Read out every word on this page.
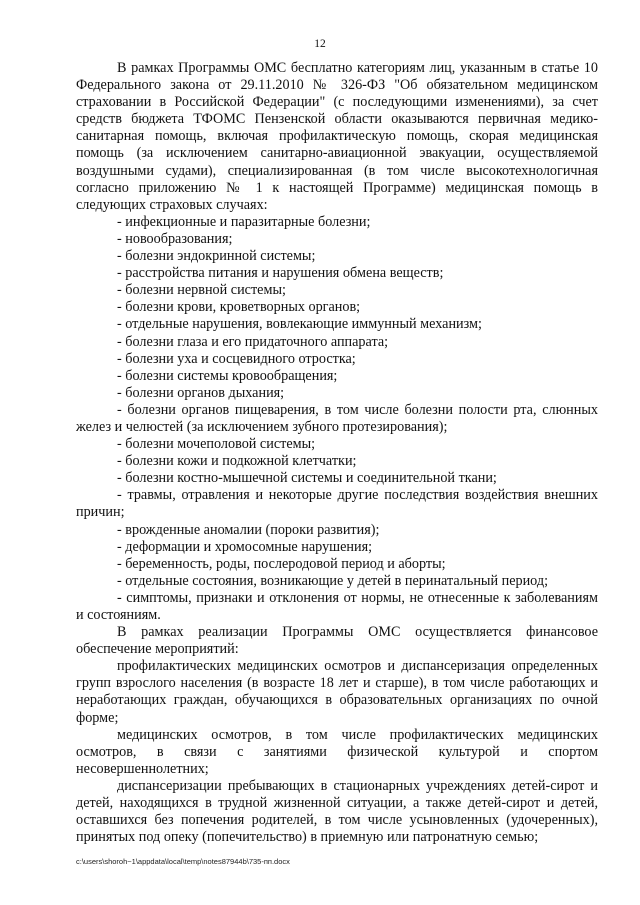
12

В рамках Программы ОМС бесплатно категориям лиц, указанным в статье 10 Федерального закона от 29.11.2010 № 326-ФЗ "Об обязательном медицинском страховании в Российской Федерации" (с последующими изменениями), за счет средств бюджета ТФОМС Пензенской области оказываются первичная медико-санитарная помощь, включая профилактическую помощь, скорая медицинская помощь (за исключением санитарно-авиационной эвакуации, осуществляемой воздушными судами), специализированная (в том числе высокотехнологичная согласно приложению № 1 к настоящей Программе) медицинская помощь в следующих страховых случаях:

- инфекционные и паразитарные болезни;

- новообразования;

- болезни эндокринной системы;

- расстройства питания и нарушения обмена веществ;

- болезни нервной системы;

- болезни крови, кроветворных органов;

- отдельные нарушения, вовлекающие иммунный механизм;

- болезни глаза и его придаточного аппарата;

- болезни уха и сосцевидного отростка;

- болезни системы кровообращения;

- болезни органов дыхания;

- болезни органов пищеварения, в том числе болезни полости рта, слюнных желез и челюстей (за исключением зубного протезирования);

- болезни мочеполовой системы;

- болезни кожи и подкожной клетчатки;

- болезни костно-мышечной системы и соединительной ткани;

- травмы, отравления и некоторые другие последствия воздействия внешних причин;

- врожденные аномалии (пороки развития);

- деформации и хромосомные нарушения;

- беременность, роды, послеродовой период и аборты;

- отдельные состояния, возникающие у детей в перинатальный период;

- симптомы, признаки и отклонения от нормы, не отнесенные к заболеваниям и состояниям.

В рамках реализации Программы ОМС осуществляется финансовое обеспечение мероприятий:

профилактических медицинских осмотров и диспансеризация определенных групп взрослого населения (в возрасте 18 лет и старше), в том числе работающих и неработающих граждан, обучающихся в образовательных организациях по очной форме;

медицинских осмотров, в том числе профилактических медицинских осмотров, в связи с занятиями физической культурой и спортом несовершеннолетних;

диспансеризации пребывающих в стационарных учреждениях детей-сирот и детей, находящихся в трудной жизненной ситуации, а также детей-сирот и детей, оставшихся без попечения родителей, в том числе усыновленных (удочеренных), принятых под опеку (попечительство) в приемную или патронатную семью;

c:\users\shoroh~1\appdata\local\temp\notes87944b\735-пп.docx
